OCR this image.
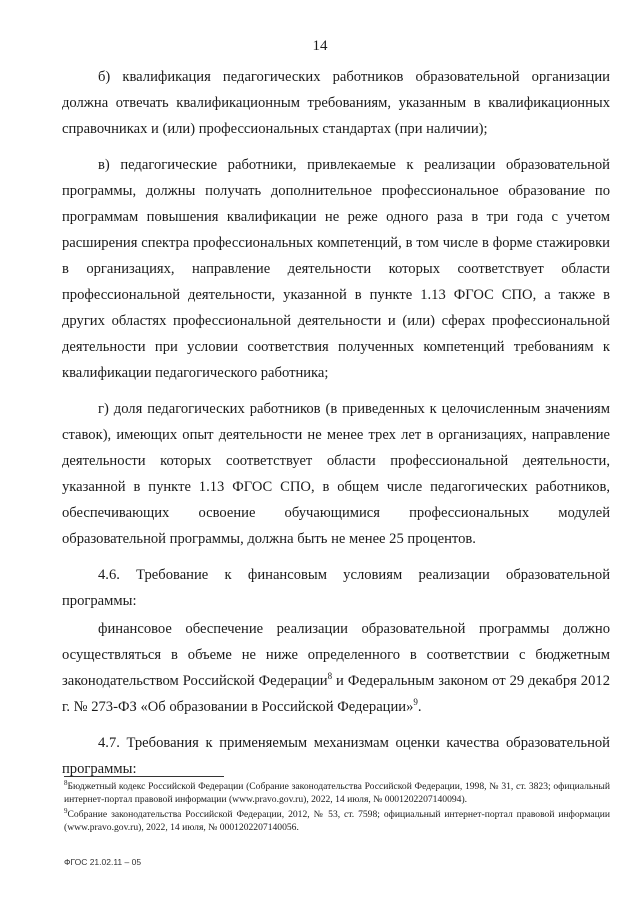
14

б) квалификация педагогических работников образовательной организации должна отвечать квалификационным требованиям, указанным в квалификационных справочниках и (или) профессиональных стандартах (при наличии);

в) педагогические работники, привлекаемые к реализации образовательной программы, должны получать дополнительное профессиональное образование по программам повышения квалификации не реже одного раза в три года с учетом расширения спектра профессиональных компетенций, в том числе в форме стажировки в организациях, направление деятельности которых соответствует области профессиональной деятельности, указанной в пункте 1.13 ФГОС СПО, а также в других областях профессиональной деятельности и (или) сферах профессиональной деятельности при условии соответствия полученных компетенций требованиям к квалификации педагогического работника;

г) доля педагогических работников (в приведенных к целочисленным значениям ставок), имеющих опыт деятельности не менее трех лет в организациях, направление деятельности которых соответствует области профессиональной деятельности, указанной в пункте 1.13 ФГОС СПО, в общем числе педагогических работников, обеспечивающих освоение обучающимися профессиональных модулей образовательной программы, должна быть не менее 25 процентов.

4.6. Требование к финансовым условиям реализации образовательной программы:

финансовое обеспечение реализации образовательной программы должно осуществляться в объеме не ниже определенного в соответствии с бюджетным законодательством Российской Федерации$^8$ и Федеральным законом от 29 декабря 2012 г. № 273-ФЗ «Об образовании в Российской Федерации»$^9$.

4.7. Требования к применяемым механизмам оценки качества образовательной программы:

$^8$Бюджетный кодекс Российской Федерации (Собрание законодательства Российской Федерации, 1998, № 31, ст. 3823; официальный интернет-портал правовой информации (www.pravo.gov.ru), 2022, 14 июля, № 0001202207140094).

$^9$Собрание законодательства Российской Федерации, 2012, № 53, ст. 7598; официальный интернет-портал правовой информации (www.pravo.gov.ru), 2022, 14 июля, № 0001202207140056.

ФГОС 21.02.11 – 05
